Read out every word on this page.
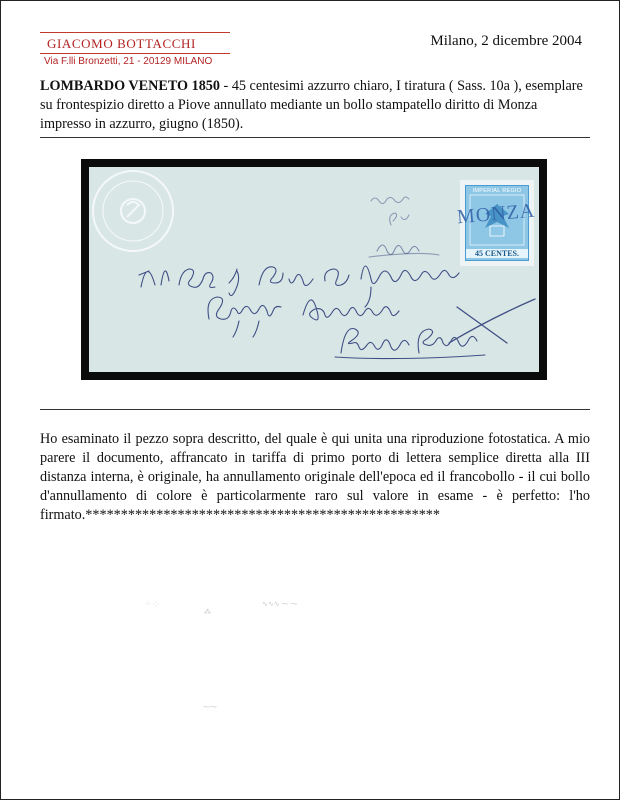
GIACOMO BOTTACCHI
Via F.lli Bronzetti, 21 - 20129 MILANO
Milano, 2 dicembre 2004
LOMBARDO VENETO 1850 - 45 centesimi azzurro chiaro, I tiratura ( Sass. 10a ), esemplare su frontespizio diretto a Piove annullato mediante un bollo stampatello diritto di Monza impresso in azzurro, giugno (1850).
IMPERIAL REGIO
45 CENTES.
MONZA
Ho esaminato il pezzo sopra descritto, del quale è qui unita una riproduzione fotostatica. A mio parere il documento, affrancato in tariffa di primo porto di lettera semplice diretta alla III distanza interna, è originale, ha annullamento originale dell'epoca ed il francobollo - il cui bollo d'annullamento di colore è particolarmente raro sul valore in esame - è perfetto: l'ho firmato.**************************************************
⁘ ·:·
⁂
∿∿∿ ⁓ ⁓
⁓⁓
